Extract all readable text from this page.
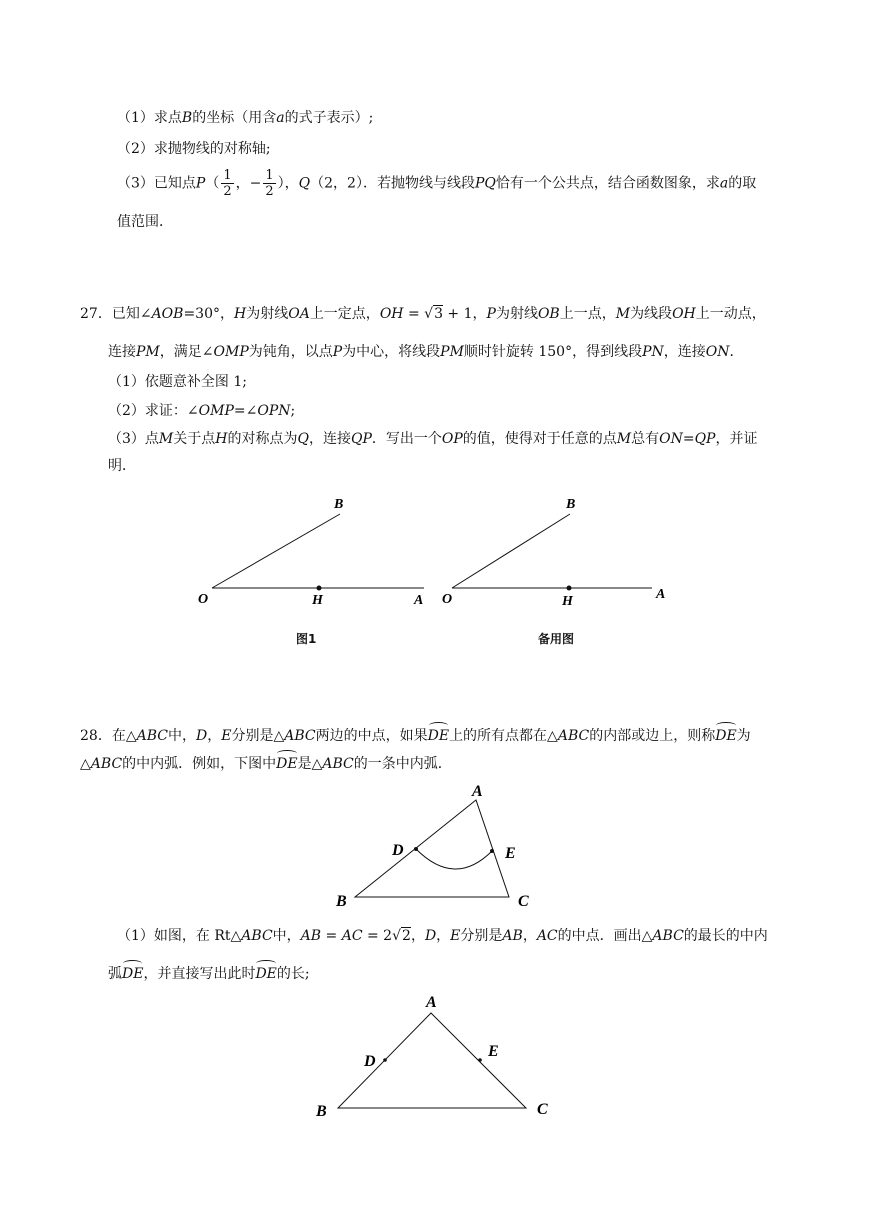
（1）求点B的坐标（用含a的式子表示）;
（2）求抛物线的对称轴;
（3）已知点$P( \frac{1}{2}$ ，− $\frac{1}{2}$ ），Q（2，2）．若抛物线与线段PQ恰有一个公共点，结合函数图象，求a的取
值范围．
27．已知∠AOB=30°，H为射线OA上一定点，OH = √3 + 1，P为射线OB上一点，M为线段OH上一动点，
连接PM，满足∠OMP为钝角，以点P为中心，将线段PM顺时针旋转 150°，得到线段PN，连接ON．
（1）依题意补全图 1;
（2）求证：∠OMP=∠OPN;
（3）点M关于点H的对称点为Q，连接QP．写出一个OP的值，使得对于任意的点M总有ON=QP，并证
明．
B
O	H	A
图1
B
O	H	A
备用图
28．在△ABC中，D，E分别是△ABC两边的中点，如果DE上的所有点都在△ABC的内部或边上，则称DE为
△ABC的中内弧．例如，下图中DE是△ABC的一条中内弧．
A
D	E
B	C
（1）如图，在 Rt△ABC中，AB = AC = 2√2，D，E分别是AB，AC的中点．画出△ABC的最长的中内
弧DE，并直接写出此时DE的长;
A
D
E
B	C
